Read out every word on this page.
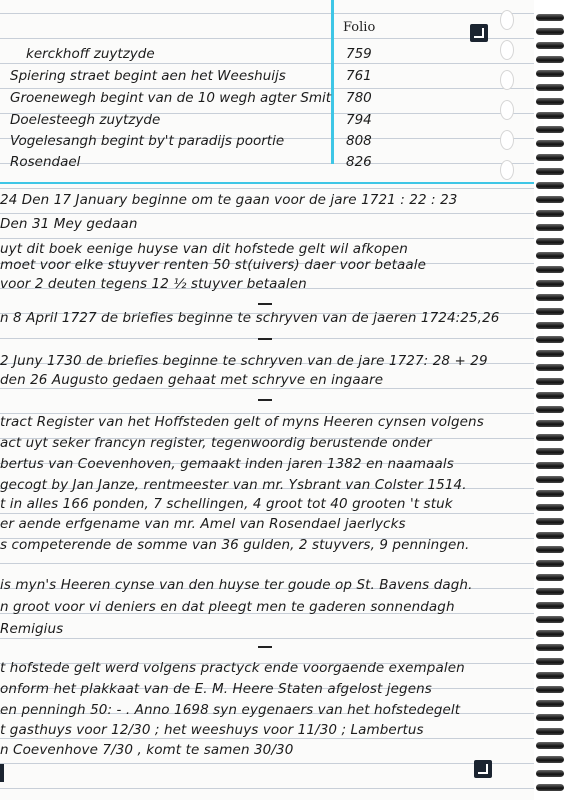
Folio
kerckhoff zuytzyde	759
Spiering straet begint aen het Weeshuijs	761
Groenewegh begint van de 10 wegh agter Smit 780
Doelesteegh zuytzyde	794
Vogelesangh begint by't paradijs poortie	808
Rosendael	826
24 Den 17 January beginne om te gaan voor de jare 1721 : 22 : 23
Den 31 Mey gedaan
uyt dit boek eenige huyse van dit hofstede gelt wil afkopen
moet voor elke stuyver renten 50 st(uivers) daer voor betaale
voor 2 deuten tegens 12 ½ stuyver betaalen
n 8 April 1727 de briefies beginne te schryven van de jaeren 1724:25,26
2 Juny 1730 de briefies beginne te schryven van de jare 1727: 28 + 29
den 26 Augusto gedaen gehaat met schryve en ingaare
tract Register van het Hoffsteden gelt of myns Heeren cynsen volgens
act uyt seker francyn register, tegenwoordig berustende onder
bertus van Coevenhoven, gemaakt inden jaren 1382 en naamaals
gecogt by Jan Janze, rentmeester van mr. Ysbrant van Colster 1514.
t in alles 166 ponden, 7 schellingen, 4 groot tot 40 grooten 't stuk
er aende erfgename van mr. Amel van Rosendael jaerlycks
s competerende de somme van 36 gulden, 2 stuyvers, 9 penningen.
is myn's Heeren cynse van den huyse ter goude op St. Bavens dagh.
n groot voor vi deniers en dat pleegt men te gaderen sonnendagh
Remigius
t hofstede gelt werd volgens practyck ende voorgaende exempalen
onform het plakkaat van de E. M. Heere Staten afgelost jegens
en penningh 50: - . Anno 1698 syn eygenaers van het hofstedegelt
t gasthuys voor 12/30 ; het weeshuys voor 11/30 ; Lambertus
n Coevenhove 7/30 , komt te samen 30/30
